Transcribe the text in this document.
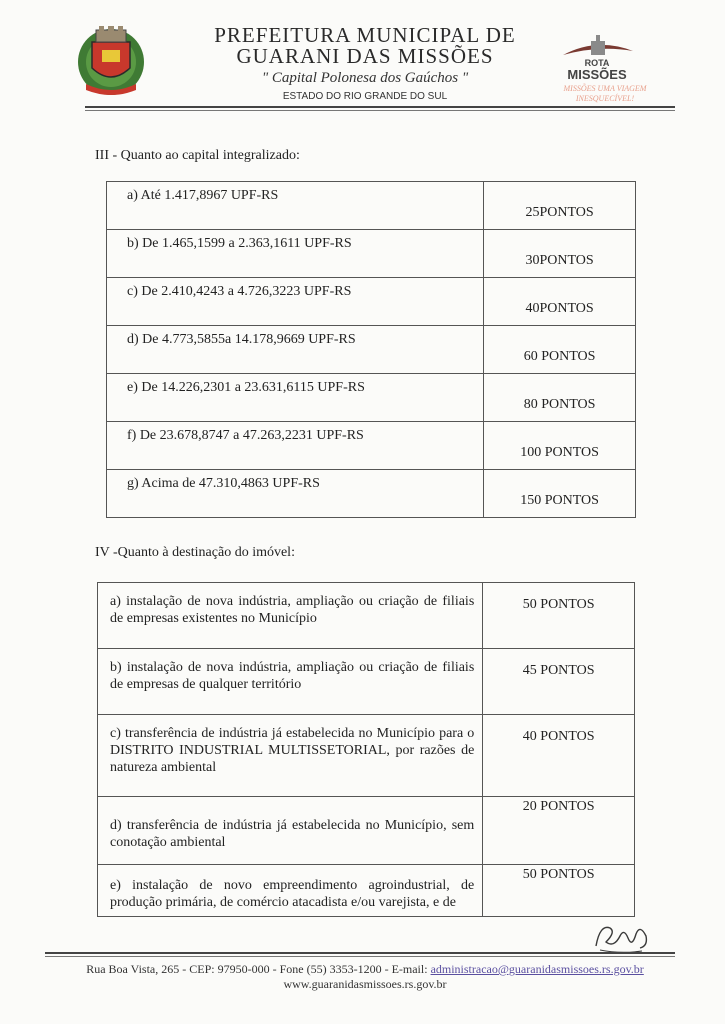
PREFEITURA MUNICIPAL DE
GUARANI DAS MISSÕES
" Capital Polonesa dos Gaúchos "
ESTADO DO RIO GRANDE DO SUL
ROTA
MISSÕES
MISSÕES UMA VIAGEM
INESQUECÍVEL!
III - Quanto ao capital integralizado:
a) Até 1.417,8967 UPF-RS	25PONTOS
b) De 1.465,1599 a 2.363,1611 UPF-RS	30PONTOS
c) De 2.410,4243 a 4.726,3223 UPF-RS	40PONTOS
d) De 4.773,5855a 14.178,9669 UPF-RS	60 PONTOS
e) De 14.226,2301 a 23.631,6115 UPF-RS	80 PONTOS
f) De 23.678,8747 a 47.263,2231 UPF-RS	100 PONTOS
g) Acima de 47.310,4863 UPF-RS	150 PONTOS
IV -Quanto à destinação do imóvel:
a) instalação de nova indústria, ampliação ou criação de filiais de empresas existentes no Município	50 PONTOS
b) instalação de nova indústria, ampliação ou criação de filiais de empresas de qualquer território	45 PONTOS
c) transferência de indústria já estabelecida no Município para o DISTRITO INDUSTRIAL MULTISSETORIAL, por razões de natureza ambiental	40 PONTOS
d) transferência de indústria já estabelecida no Município, sem conotação ambiental	20 PONTOS
e) instalação de novo empreendimento agroindustrial, de produção primária, de comércio atacadista e/ou varejista, e de	50 PONTOS
Rua Boa Vista, 265 - CEP: 97950-000 - Fone (55) 3353-1200 - E-mail: administracao@guaranidasmissoes.rs.gov.br
www.guaranidasmissoes.rs.gov.br
